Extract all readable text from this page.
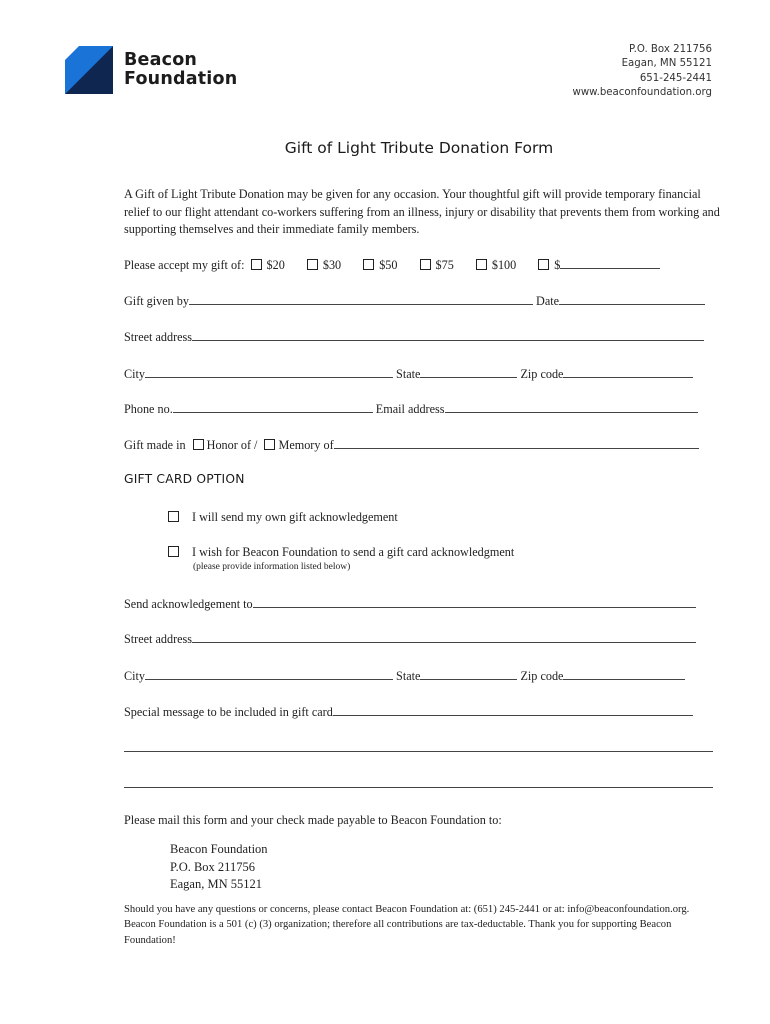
Beacon
Foundation
P.O. Box 211756
Eagan, MN 55121
651-245-2441
www.beaconfoundation.org
Gift of Light Tribute Donation Form
A Gift of Light Tribute Donation may be given for any occasion. Your thoughtful gift will provide temporary financial relief to our flight attendant co-workers suffering from an illness, injury or disability that prevents them from working and supporting themselves and their immediate family members.
Please accept my gift of: $20	$30	$50	$75	$100	$
Gift given by	Date
Street address
City	State	Zip code
Phone no.	Email address
Gift made in Honor of / Memory of
GIFT CARD OPTION
I will send my own gift acknowledgement
I wish for Beacon Foundation to send a gift card acknowledgment
(please provide information listed below)
Send acknowledgement to
Street address
City	State	Zip code
Special message to be included in gift card
Please mail this form and your check made payable to Beacon Foundation to:
Beacon Foundation
P.O. Box 211756
Eagan, MN 55121
Should you have any questions or concerns, please contact Beacon Foundation at: (651) 245-2441 or at: info@beaconfoundation.org. Beacon Foundation is a 501 (c) (3) organization; therefore all contributions are tax-deductable. Thank you for supporting Beacon Foundation!
